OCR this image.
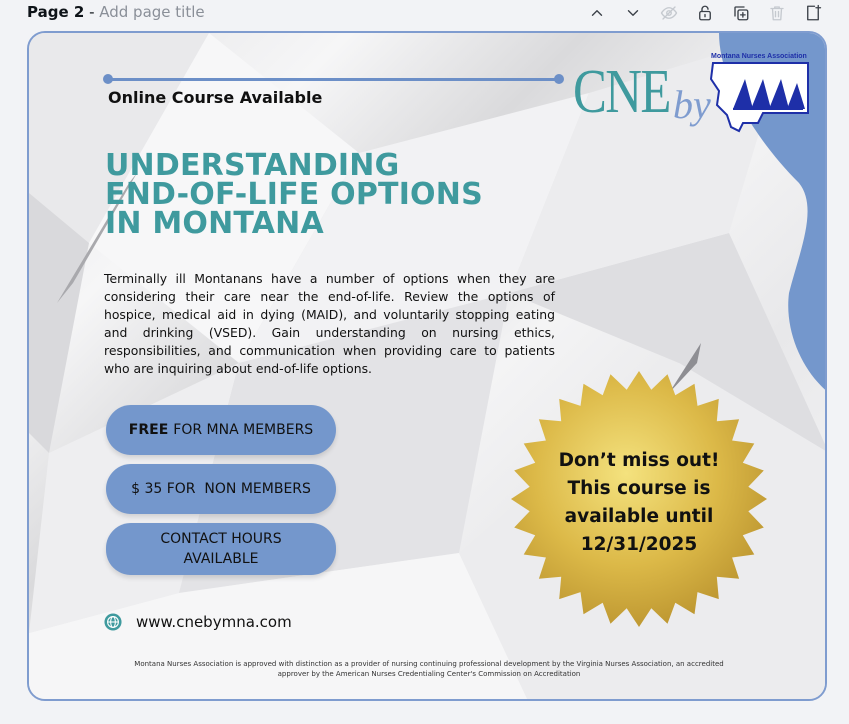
Page 2 - Add page title
Online Course Available	CNE by
Montana Nurses Association
UNDERSTANDING
END-OF-LIFE OPTIONS
IN MONTANA
Terminally ill Montanans have a number of options when they are considering their care near the end-of-life. Review the options of hospice, medical aid in dying (MAID), and voluntarily stopping eating and drinking (VSED). Gain understanding on nursing ethics, responsibilities, and communication when providing care to patients who are inquiring about end-of-life options.
FREE FOR MNA MEMBERS
$ 35 FOR  NON MEMBERS
CONTACT HOURS
AVAILABLE
www.cnebymna.com
Montana Nurses Association is approved with distinction as a provider of nursing continuing professional development by the Virginia Nurses Association, an accredited
approver by the American Nurses Credentialing Center's Commission on Accreditation
Don’t miss out!
This course is
available until
12/31/2025
